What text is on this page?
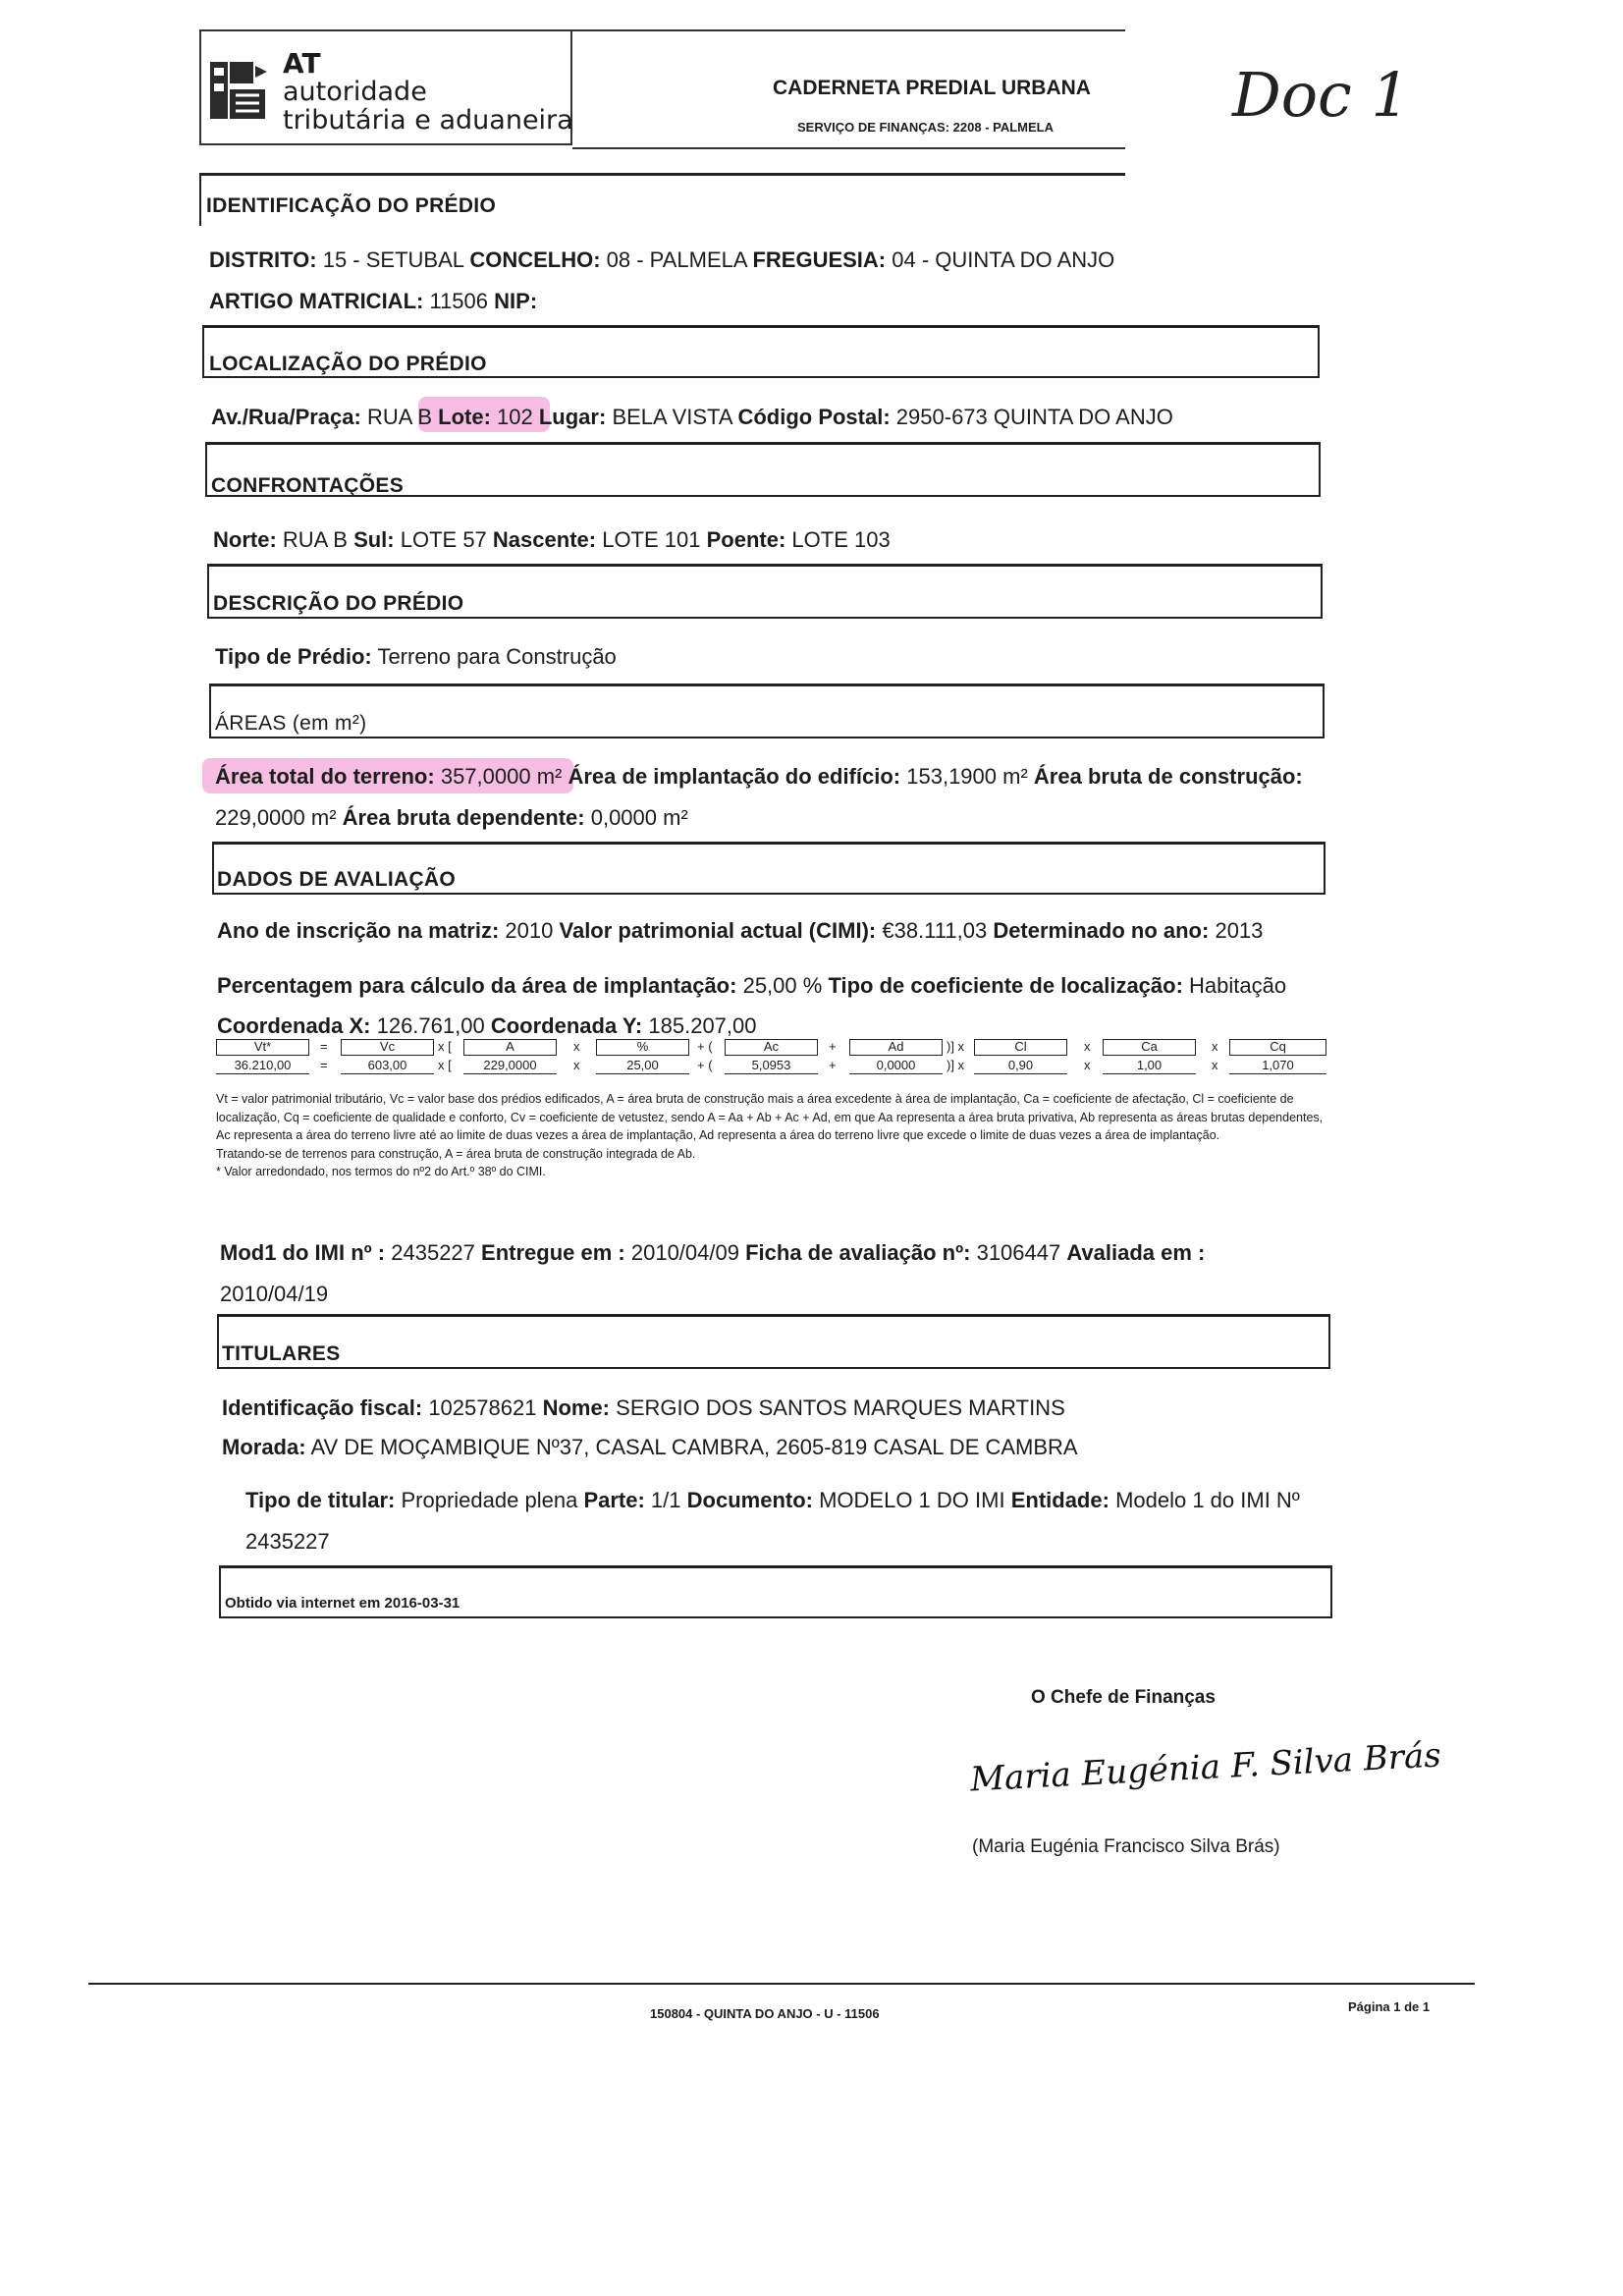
AT
autoridade
tributária e aduaneira
CADERNETA PREDIAL URBANA
SERVIÇO DE FINANÇAS: 2208 - PALMELA	Doc 1
IDENTIFICAÇÃO DO PRÉDIO
DISTRITO: 15 - SETUBAL CONCELHO: 08 - PALMELA FREGUESIA: 04 - QUINTA DO ANJO
ARTIGO MATRICIAL: 11506 NIP:
LOCALIZAÇÃO DO PRÉDIO
Av./Rua/Praça: RUA B Lote: 102 Lugar: BELA VISTA Código Postal: 2950-673 QUINTA DO ANJO
CONFRONTAÇÕES
Norte: RUA B Sul: LOTE 57 Nascente: LOTE 101 Poente: LOTE 103
DESCRIÇÃO DO PRÉDIO
Tipo de Prédio: Terreno para Construção
ÁREAS (em m²)
Área total do terreno: 357,0000 m² Área de implantação do edifício: 153,1900 m² Área bruta de construção:
229,0000 m² Área bruta dependente: 0,0000 m²
DADOS DE AVALIAÇÃO
Ano de inscrição na matriz: 2010 Valor patrimonial actual (CIMI): €38.111,03 Determinado no ano: 2013
Percentagem para cálculo da área de implantação: 25,00 % Tipo de coeficiente de localização: Habitação
Coordenada X: 126.761,00 Coordenada Y: 185.207,00
Vt*
36.210,00
=
=
Vc
603,00
x [
x [
A
229,0000
x
x
%
25,00
+ (
+ (
Ac
5,0953
+
+
Ad
0,0000
)] x
)] x
Cl
0,90
x
x
Ca
1,00
x
x
Cq
1,070
Vt = valor patrimonial tributário, Vc = valor base dos prédios edificados, A = área bruta de construção mais a área excedente à área de implantação, Ca = coeficiente de afectação, Cl = coeficiente de localização, Cq = coeficiente de qualidade e conforto, Cv = coeficiente de vetustez, sendo A = Aa + Ab + Ac + Ad, em que Aa representa a área bruta privativa, Ab representa as áreas brutas dependentes, Ac representa a área do terreno livre até ao limite de duas vezes a área de implantação, Ad representa a área do terreno livre que excede o limite de duas vezes a área de implantação.
Tratando-se de terrenos para construção, A = área bruta de construção integrada de Ab.
* Valor arredondado, nos termos do nº2 do Art.º 38º do CIMI.
Mod1 do IMI nº : 2435227 Entregue em : 2010/04/09 Ficha de avaliação nº: 3106447 Avaliada em :
2010/04/19
TITULARES
Identificação fiscal: 102578621 Nome: SERGIO DOS SANTOS MARQUES MARTINS
Morada: AV DE MOÇAMBIQUE Nº37, CASAL CAMBRA, 2605-819 CASAL DE CAMBRA
Tipo de titular: Propriedade plena Parte: 1/1 Documento: MODELO 1 DO IMI Entidade: Modelo 1 do IMI Nº
2435227
Obtido via internet em 2016-03-31
O Chefe de Finanças
Maria Eugénia F. Silva Brás
(Maria Eugénia Francisco Silva Brás)
150804 - QUINTA DO ANJO - U - 11506	Página 1 de 1
